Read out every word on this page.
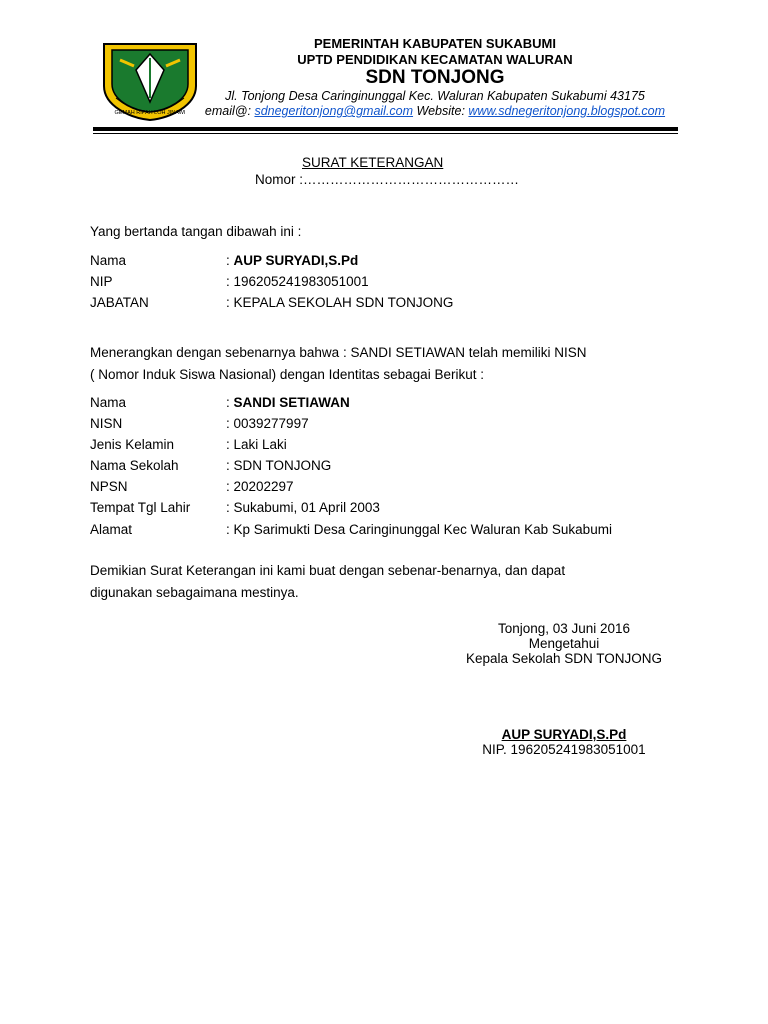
GEMAH RIPAH LOH JINAWI
PEMERINTAH KABUPATEN SUKABUMI
UPTD PENDIDIKAN KECAMATAN WALURAN
SDN TONJONG
Jl. Tonjong Desa Caringinunggal Kec. Waluran Kabupaten Sukabumi 43175
email@: sdnegeritonjong@gmail.com Website: www.sdnegeritonjong.blogspot.com
SURAT KETERANGAN
Nomor :…………………………………………
Yang bertanda tangan dibawah ini :
Nama	: AUP SURYADI,S.Pd
NIP	: 196205241983051001
JABATAN	: KEPALA SEKOLAH SDN TONJONG
Menerangkan dengan sebenarnya bahwa : SANDI SETIAWAN telah memiliki NISN
( Nomor Induk Siswa Nasional) dengan Identitas sebagai Berikut :
Nama	: SANDI SETIAWAN
NISN	: 0039277997
Jenis Kelamin	: Laki Laki
Nama Sekolah	: SDN TONJONG
NPSN	: 20202297
Tempat Tgl Lahir	: Sukabumi, 01 April 2003
Alamat	: Kp Sarimukti Desa Caringinunggal Kec Waluran Kab Sukabumi
Demikian Surat Keterangan ini kami buat dengan sebenar-benarnya, dan dapat
digunakan sebagaimana mestinya.
Tonjong, 03 Juni 2016
Mengetahui
Kepala Sekolah SDN TONJONG
AUP SURYADI,S.Pd
NIP. 196205241983051001
